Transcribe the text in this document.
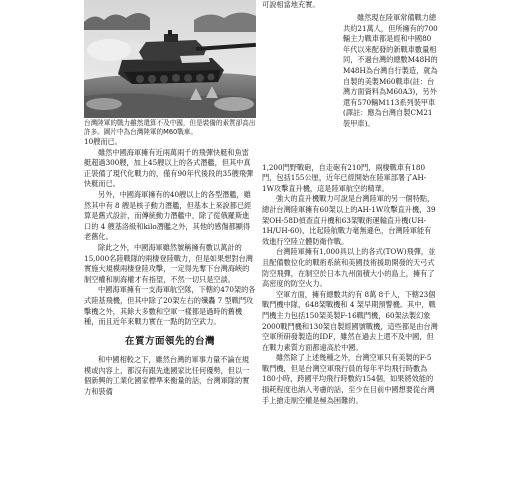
台灣陸軍的戰力雖然還算不及中國，但是裝備的素質卻高出許多。圖片中為台灣陸軍的M60戰車。

10艘而已。

雖然中國海軍擁有近兩萬兩千的飛彈快艇和魚雷艇超過300艘，加上45艘以上的各式潛艦，但其中真正裝備了現代化戰力的，僅有90年代後段的35艘飛彈快艇而已。

另外，中國海軍擁有的40艘以上的各型潛艦，雖然其中有 8 艘是核子動力潛艦，但基本上來說都已經算是舊式設計，而傳統動力潛艦中，除了從俄羅斯進口的 4 艘基洛級和kilo潛艦之外，其他的感傷都顯得老舊化。

除此之外，中國海軍雖然號稱擁有數以萬計的15,000名陸戰隊的兩棲登陸戰力，但是如果想對台灣實施大規模兩棲登陸攻擊，一定得先奪下台灣海峽的制空權和制海權才有指望，不然一切只是空談。

中國海軍擁有一支海軍航空隊，下轄約470架的各式陸基飛機，但其中除了20架左右的殲轟 7 型戰鬥攻擊機之外，其餘大多數和空軍一樣都是過時的舊機種，而且近年來戰力實在一點的防空武力。

在質方面領先的台灣

和中國相較之下，雖然台灣的軍事力量不論在規模或內容上，都沒有跟先進國家比任何優勢，但以一個新興的工業化國家標準來衡量的話，台灣軍隊的實力和裝備

可說相當地充實。

1,200門野戰砲，自走砲有210門，兩棲戰車有180門，包括155公厘，近年已經開始在陸軍部署了AH-1W攻擊直升機，這是陸軍航空的精華。

強大的直升機戰力可說是台灣陸軍的另一個特點，總計台灣陸軍擁有60架以上的AH-1W攻擊直升機，39架OH-58D偵查直升機和63架戰術運輸直升機(UH-1H/UH-60)，比起陸航戰力毫無遜色，台灣陸軍能有效進行空陸立體防衛作戰。

台灣陸軍擁有1,000具以上的各式(TOW)飛彈，並且配備數位化的戰術系統和美國技術援助開發的天弓式防空飛彈，在制空於日本九州面積大小的島上，擁有了高密度的防空火力。

空軍方面，擁有總數共約有 8萬 8千人，下轄23個戰鬥機中隊，648架戰機和 4 架早期預警機。其中，戰鬥機主力包括150架美製F-16戰鬥機，60架法製幻象2000戰鬥機和130架自製經國號戰機，這些都是由台灣空軍所研發製造的IDF，雖然在過去上還不及中國，但在戰力素質方面都遠高於中國。

雖然除了上述幾種之外，台灣空軍只有美製的F-5 戰鬥機，但是台灣空軍飛行員的每年平均飛行時數為180小時，跨國平均飛行時數約154個，如果將效能的損耗程度也納入考慮的話，至少在目前中國想要從台灣手上搶走制空權是極為困難的。

雖然現在陸軍常備戰力總共約21萬人，但所擁有的700輛主力戰車都是經和中國80年代以來配發的新戰車數量相同，不過台灣的總數M48H的M48H為台灣自行製造，就為自製的美製M60戰車(註：台灣方面資料為M60A3)，另外還有570輛M113系列裝甲車(譯註：應為台灣自製CM21裝甲車)。
